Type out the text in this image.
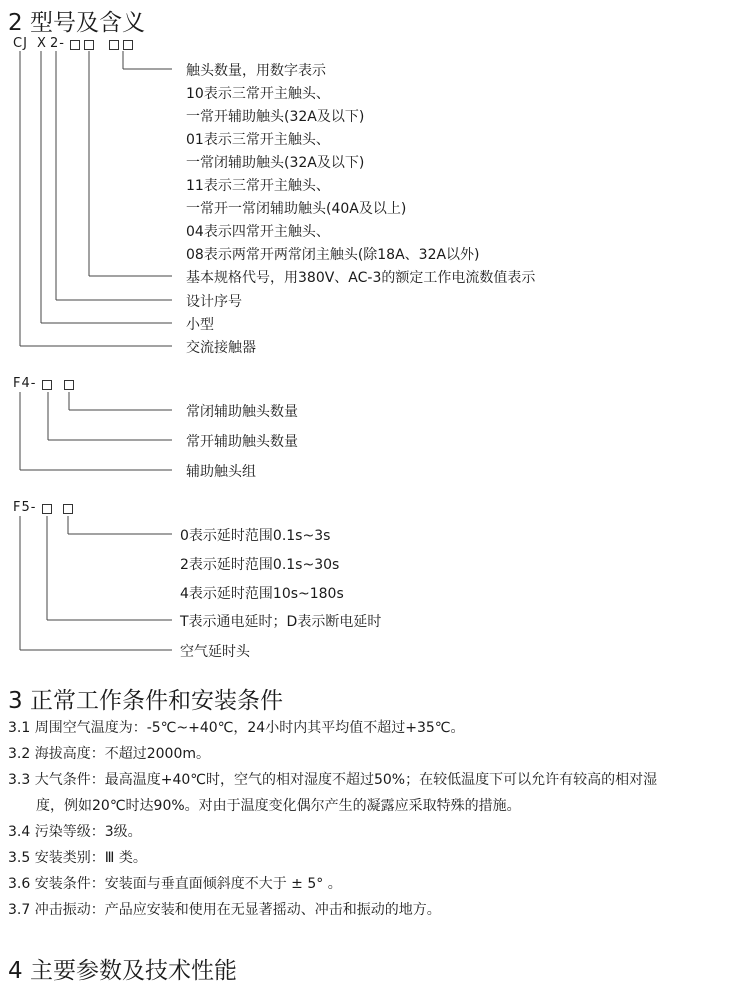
2 型号及含义
CJ X 2-
触头数量，用数字表示
10表示三常开主触头、
一常开辅助触头(32A及以下)
01表示三常开主触头、
一常闭辅助触头(32A及以下)
11表示三常开主触头、
一常开一常闭辅助触头(40A及以上)
04表示四常开主触头、
08表示两常开两常闭主触头(除18A、32A以外)
基本规格代号，用380V、AC-3的额定工作电流数值表示
设计序号
小型
交流接触器
F4-
常闭辅助触头数量
常开辅助触头数量
辅助触头组
F5-
0表示延时范围0.1s~3s
2表示延时范围0.1s~30s
4表示延时范围10s~180s
T表示通电延时；D表示断电延时
空气延时头
3 正常工作条件和安装条件
3.1 周围空气温度为：-5℃~+40℃，24小时内其平均值不超过+35℃。
3.2 海拔高度：不超过2000m。
3.3 大气条件：最高温度+40℃时，空气的相对湿度不超过50%；在较低温度下可以允许有较高的相对湿
度，例如20℃时达90%。对由于温度变化偶尔产生的凝露应采取特殊的措施。
3.4 污染等级：3级。
3.5 安装类别：Ⅲ 类。
3.6 安装条件：安装面与垂直面倾斜度不大于 ± 5° 。
3.7 冲击振动：产品应安装和使用在无显著摇动、冲击和振动的地方。
4 主要参数及技术性能
